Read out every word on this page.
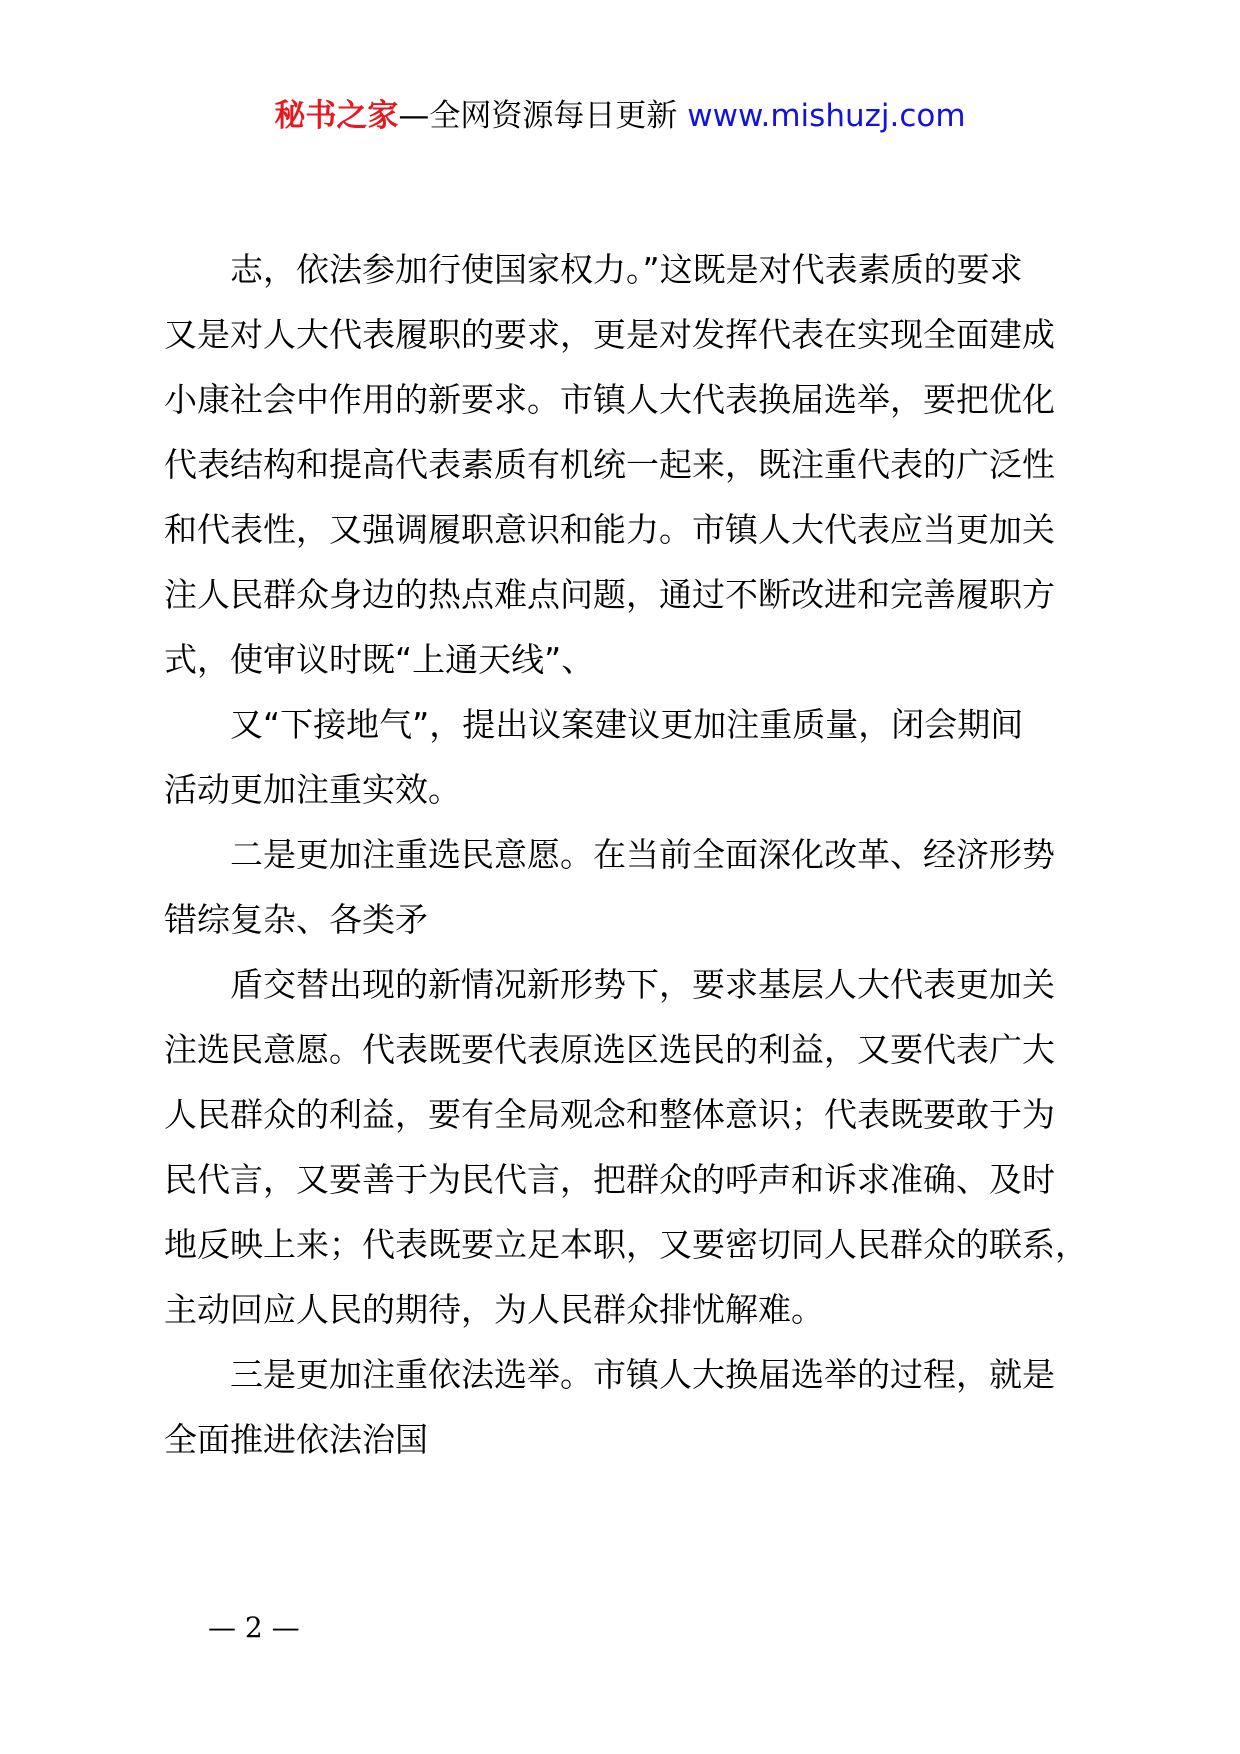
秘书之家—全网资源每日更新 www.mishuzj.com
志，依法参加行使国家权力。”这既是对代表素质的要求
又是对人大代表履职的要求，更是对发挥代表在实现全面建成
小康社会中作用的新要求。市镇人大代表换届选举，要把优化
代表结构和提高代表素质有机统一起来，既注重代表的广泛性
和代表性，又强调履职意识和能力。市镇人大代表应当更加关
注人民群众身边的热点难点问题，通过不断改进和完善履职方
式，使审议时既“上通天线”、
又“下接地气”，提出议案建议更加注重质量，闭会期间
活动更加注重实效。
二是更加注重选民意愿。在当前全面深化改革、经济形势
错综复杂、各类矛
盾交替出现的新情况新形势下，要求基层人大代表更加关
注选民意愿。代表既要代表原选区选民的利益，又要代表广大
人民群众的利益，要有全局观念和整体意识；代表既要敢于为
民代言，又要善于为民代言，把群众的呼声和诉求准确、及时
地反映上来；代表既要立足本职，又要密切同人民群众的联系，
主动回应人民的期待，为人民群众排忧解难。
三是更加注重依法选举。市镇人大换届选举的过程，就是
全面推进依法治国
— 2 —
